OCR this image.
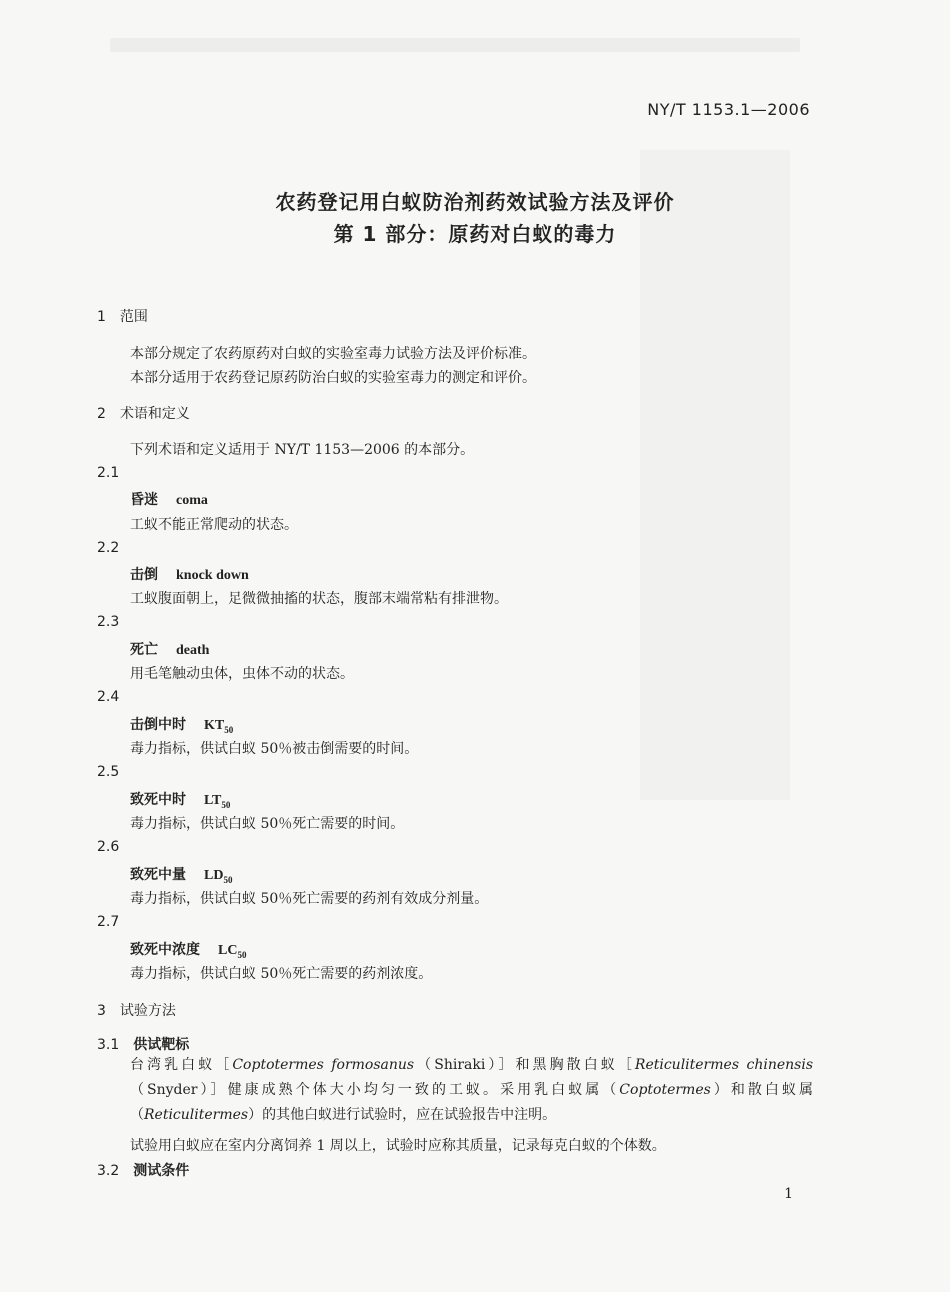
NY/T 1153.1—2006
农药登记用白蚁防治剂药效试验方法及评价
第 1 部分：原药对白蚁的毒力
1 范围
本部分规定了农药原药对白蚁的实验室毒力试验方法及评价标准。
本部分适用于农药登记原药防治白蚁的实验室毒力的测定和评价。
2 术语和定义
下列术语和定义适用于 NY/T 1153—2006 的本部分。
2.1
昏迷 coma
工蚁不能正常爬动的状态。
2.2
击倒 knock down
工蚁腹面朝上，足微微抽搐的状态，腹部末端常粘有排泄物。
2.3
死亡 death
用毛笔触动虫体，虫体不动的状态。
2.4
击倒中时 $KT_{50}$
毒力指标，供试白蚁 50％被击倒需要的时间。
2.5
致死中时 $LT_{50}$
毒力指标，供试白蚁 50％死亡需要的时间。
2.6
致死中量 $LD_{50}$
毒力指标，供试白蚁 50％死亡需要的药剂有效成分剂量。
2.7
致死中浓度 $LC_{50}$
毒力指标，供试白蚁 50％死亡需要的药剂浓度。
3 试验方法
3.1 供试靶标
台湾乳白蚁［Coptotermes formosanus（Shiraki）］和黑胸散白蚁［Reticulitermes chinensis（Snyder）］健康成熟个体大小均匀一致的工蚁。采用乳白蚁属（Coptotermes）和散白蚁属（Reticulitermes）的其他白蚁进行试验时，应在试验报告中注明。
试验用白蚁应在室内分离饲养 1 周以上，试验时应称其质量，记录每克白蚁的个体数。
3.2 测试条件
1
